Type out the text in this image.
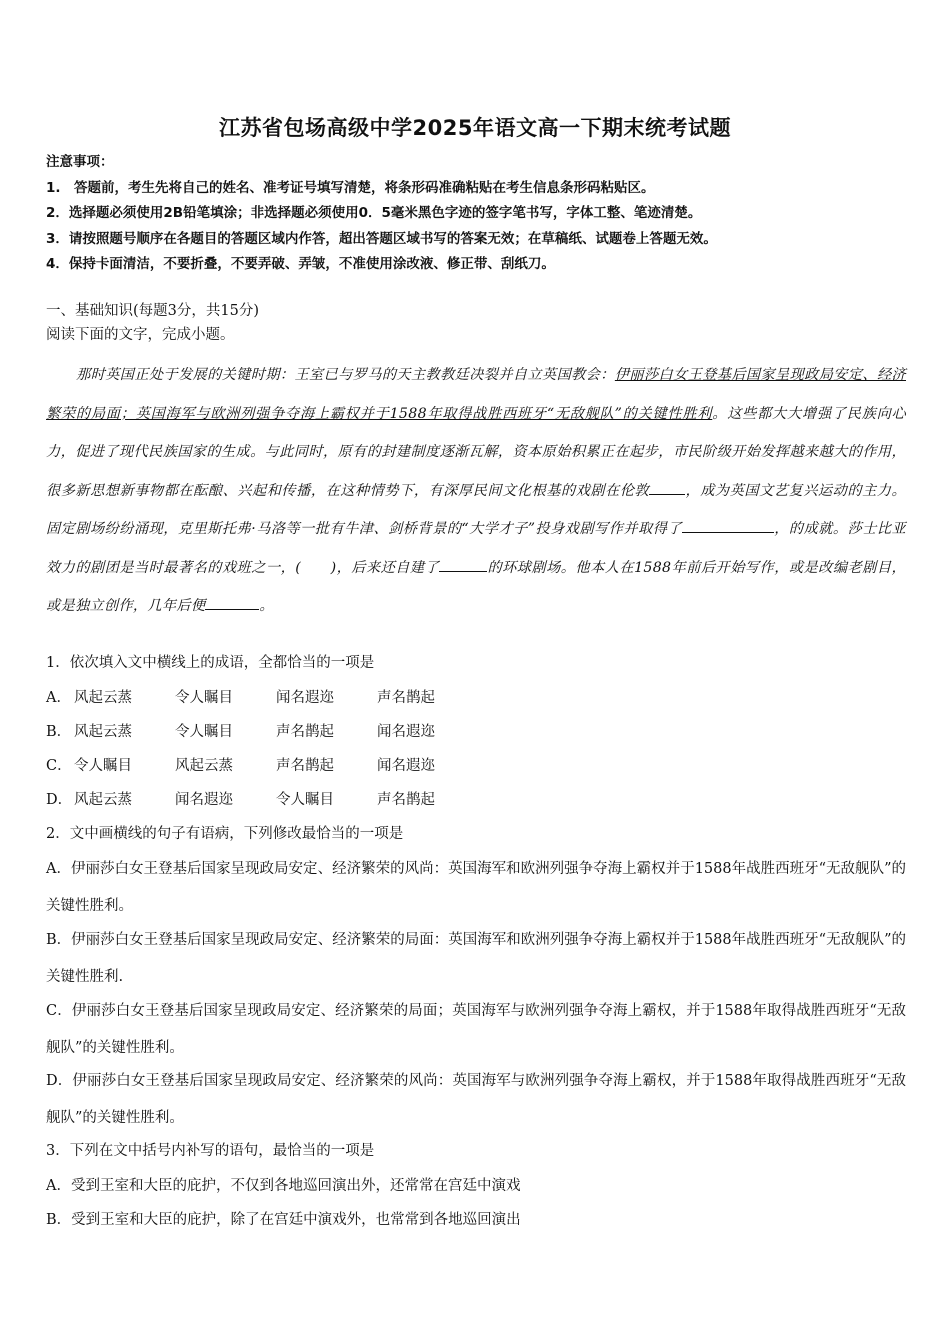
江苏省包场高级中学2025年语文高一下期末统考试题
注意事项：
1.　答题前，考生先将自己的姓名、准考证号填写清楚，将条形码准确粘贴在考生信息条形码粘贴区。
2．选择题必须使用2B铅笔填涂；非选择题必须使用0．5毫米黑色字迹的签字笔书写，字体工整、笔迹清楚。
3．请按照题号顺序在各题目的答题区域内作答，超出答题区域书写的答案无效；在草稿纸、试题卷上答题无效。
4．保持卡面清洁，不要折叠，不要弄破、弄皱，不准使用涂改液、修正带、刮纸刀。
一、基础知识(每题3分，共15分)
阅读下面的文字，完成小题。
那时英国正处于发展的关键时期：王室已与罗马的天主教教廷决裂并自立英国教会：伊丽莎白女王登基后国家呈现政局安定、经济繁荣的局面；英国海军与欧洲列强争夺海上霸权并于1588年取得战胜西班牙“无敌舰队”的关键性胜利。这些都大大增强了民族向心力，促进了现代民族国家的生成。与此同时，原有的封建制度逐渐瓦解，资本原始积累正在起步，市民阶级开始发挥越来越大的作用，很多新思想新事物都在酝酿、兴起和传播，在这种情势下，有深厚民间文化根基的戏剧在伦敦	，成为英国文艺复兴运动的主力。固定剧场纷纷涌现，克里斯托弗·马洛等一批有牛津、剑桥背景的“大学才子”投身戏剧写作并取得了	，的成就。莎士比亚效力的剧团是当时最著名的戏班之一，(　　)，后来还自建了	的环球剧场。他本人在1588年前后开始写作，或是改编老剧目，或是独立创作，几年后便	。
1．依次填入文中横线上的成语，全都恰当的一项是
A． 风起云蒸	令人瞩目	闻名遐迩	声名鹊起
B． 风起云蒸	令人瞩目	声名鹊起	闻名遐迩
C． 令人瞩目	风起云蒸	声名鹊起	闻名遐迩
D． 风起云蒸	闻名遐迩	令人瞩目	声名鹊起
2．文中画横线的句子有语病，下列修改最恰当的一项是
A．伊丽莎白女王登基后国家呈现政局安定、经济繁荣的风尚：英国海军和欧洲列强争夺海上霸权并于1588年战胜西班牙“无敌舰队”的关键性胜利。
B．伊丽莎白女王登基后国家呈现政局安定、经济繁荣的局面：英国海军和欧洲列强争夺海上霸权并于1588年战胜西班牙“无敌舰队”的关键性胜利.
C．伊丽莎白女王登基后国家呈现政局安定、经济繁荣的局面；英国海军与欧洲列强争夺海上霸权，并于1588年取得战胜西班牙“无敌舰队”的关键性胜利。
D．伊丽莎白女王登基后国家呈现政局安定、经济繁荣的风尚：英国海军与欧洲列强争夺海上霸权，并于1588年取得战胜西班牙“无敌舰队”的关键性胜利。
3．下列在文中括号内补写的语句，最恰当的一项是
A．受到王室和大臣的庇护，不仅到各地巡回演出外，还常常在宫廷中演戏
B．受到王室和大臣的庇护，除了在宫廷中演戏外，也常常到各地巡回演出
